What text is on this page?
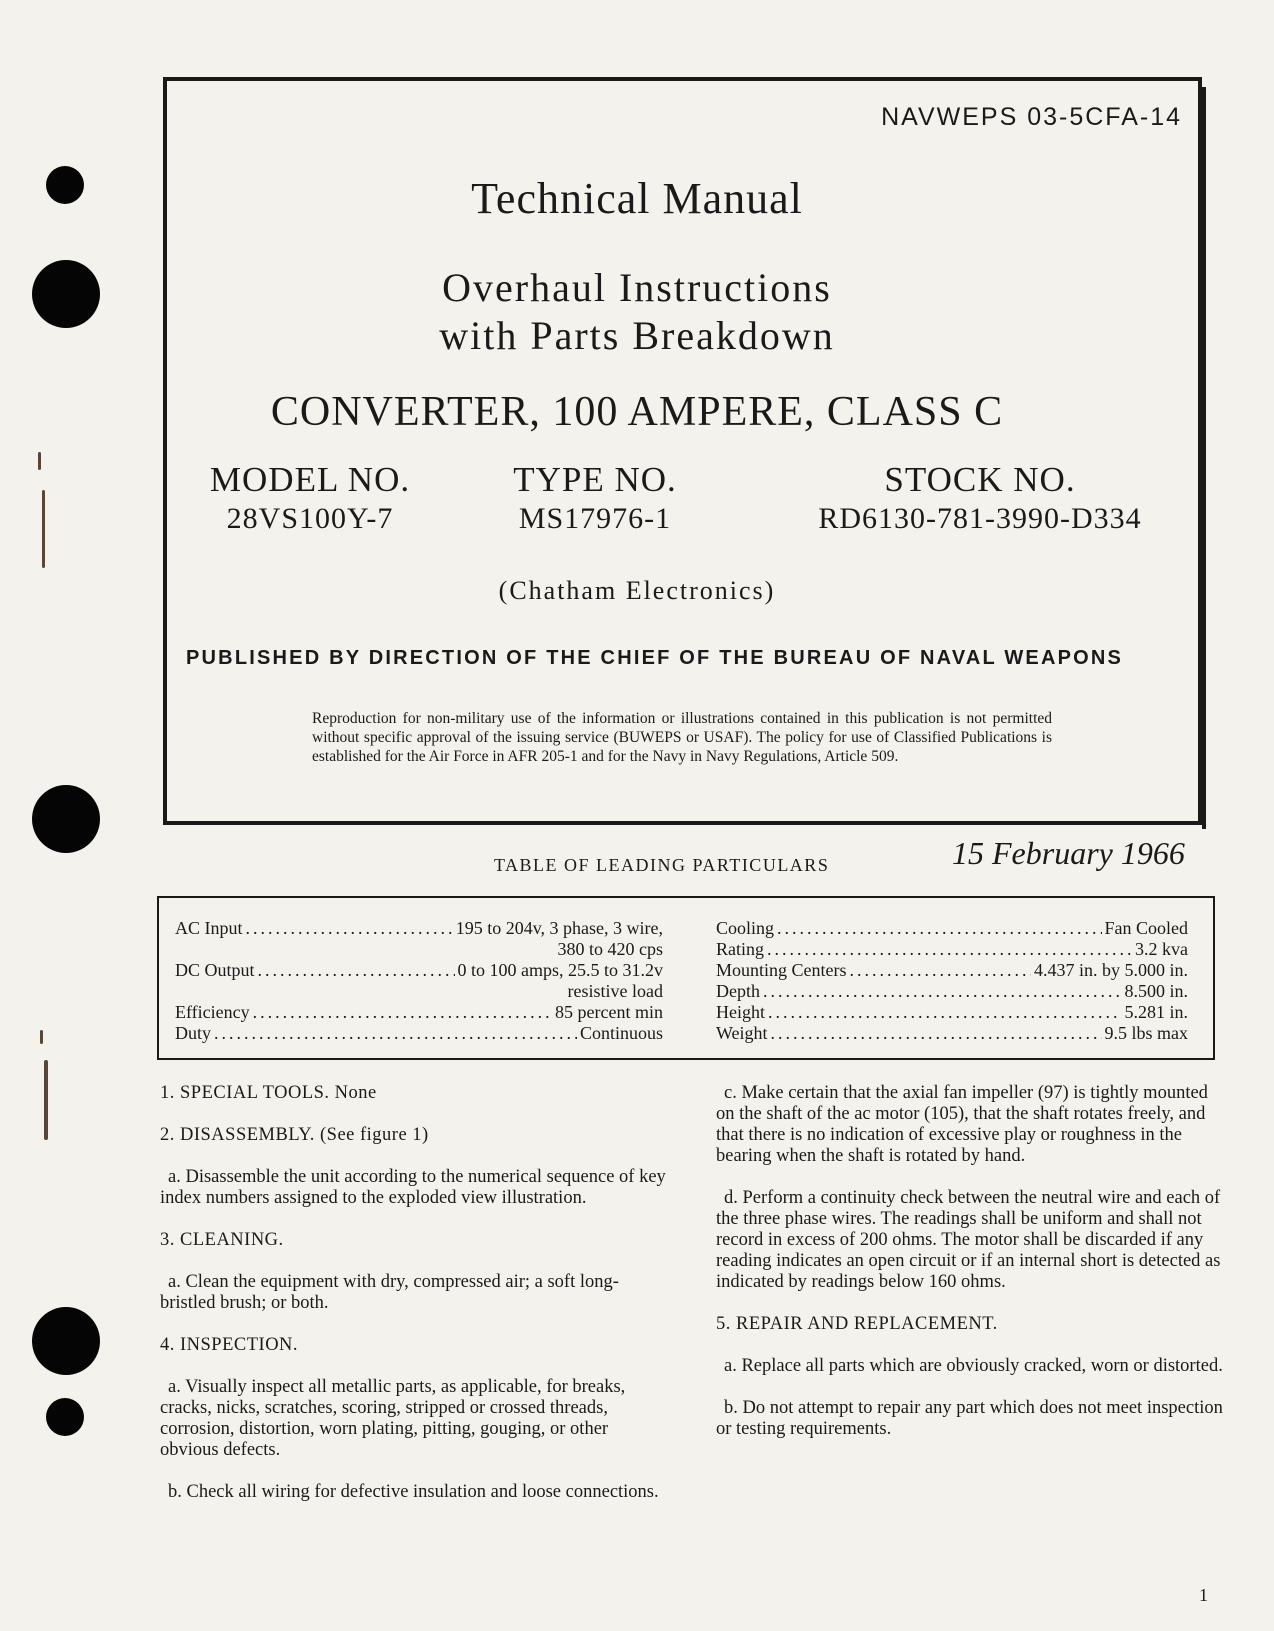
NAVWEPS 03-5CFA-14
Technical Manual
Overhaul Instructions
with Parts Breakdown
CONVERTER, 100 AMPERE, CLASS C
MODEL NO.
28VS100Y-7
TYPE NO.
MS17976-1
STOCK NO.
RD6130-781-3990-D334
(Chatham Electronics)
PUBLISHED BY DIRECTION OF THE CHIEF OF THE BUREAU OF NAVAL WEAPONS
Reproduction for non-military use of the information or illustrations contained in this publication is not permitted without specific approval of the issuing service (BUWEPS or USAF). The policy for use of Classified Publications is established for the Air Force in AFR 205-1 and for the Navy in Navy Regulations, Article 509.
TABLE OF LEADING PARTICULARS	15 February 1966
AC Input .....	195 to 204v, 3 phase, 3 wire,
380 to 420 cps
DC Output .....	0 to 100 amps, 25.5 to 31.2v
resistive load
Efficiency .....	85 percent min
Duty .....	Continuous
Cooling .....	Fan Cooled
Rating .....	3.2 kva
Mounting Centers .....	4.437 in. by 5.000 in.
Depth .....	8.500 in.
Height .....	5.281 in.
Weight .....	9.5 lbs max

1. SPECIAL TOOLS. None

2. DISASSEMBLY. (See figure 1)

a. Disassemble the unit according to the numerical sequence of key index numbers assigned to the exploded view illustration.

3. CLEANING.

a. Clean the equipment with dry, compressed air; a soft long-bristled brush; or both.

4. INSPECTION.

a. Visually inspect all metallic parts, as applicable, for breaks, cracks, nicks, scratches, scoring, stripped or crossed threads, corrosion, distortion, worn plating, pitting, gouging, or other obvious defects.

b. Check all wiring for defective insulation and loose connections.

c. Make certain that the axial fan impeller (97) is tightly mounted on the shaft of the ac motor (105), that the shaft rotates freely, and that there is no indication of excessive play or roughness in the bearing when the shaft is rotated by hand.

d. Perform a continuity check between the neutral wire and each of the three phase wires. The readings shall be uniform and shall not record in excess of 200 ohms. The motor shall be discarded if any reading indicates an open circuit or if an internal short is detected as indicated by readings below 160 ohms.

5. REPAIR AND REPLACEMENT.

a. Replace all parts which are obviously cracked, worn or distorted.

b. Do not attempt to repair any part which does not meet inspection or testing requirements.

1
